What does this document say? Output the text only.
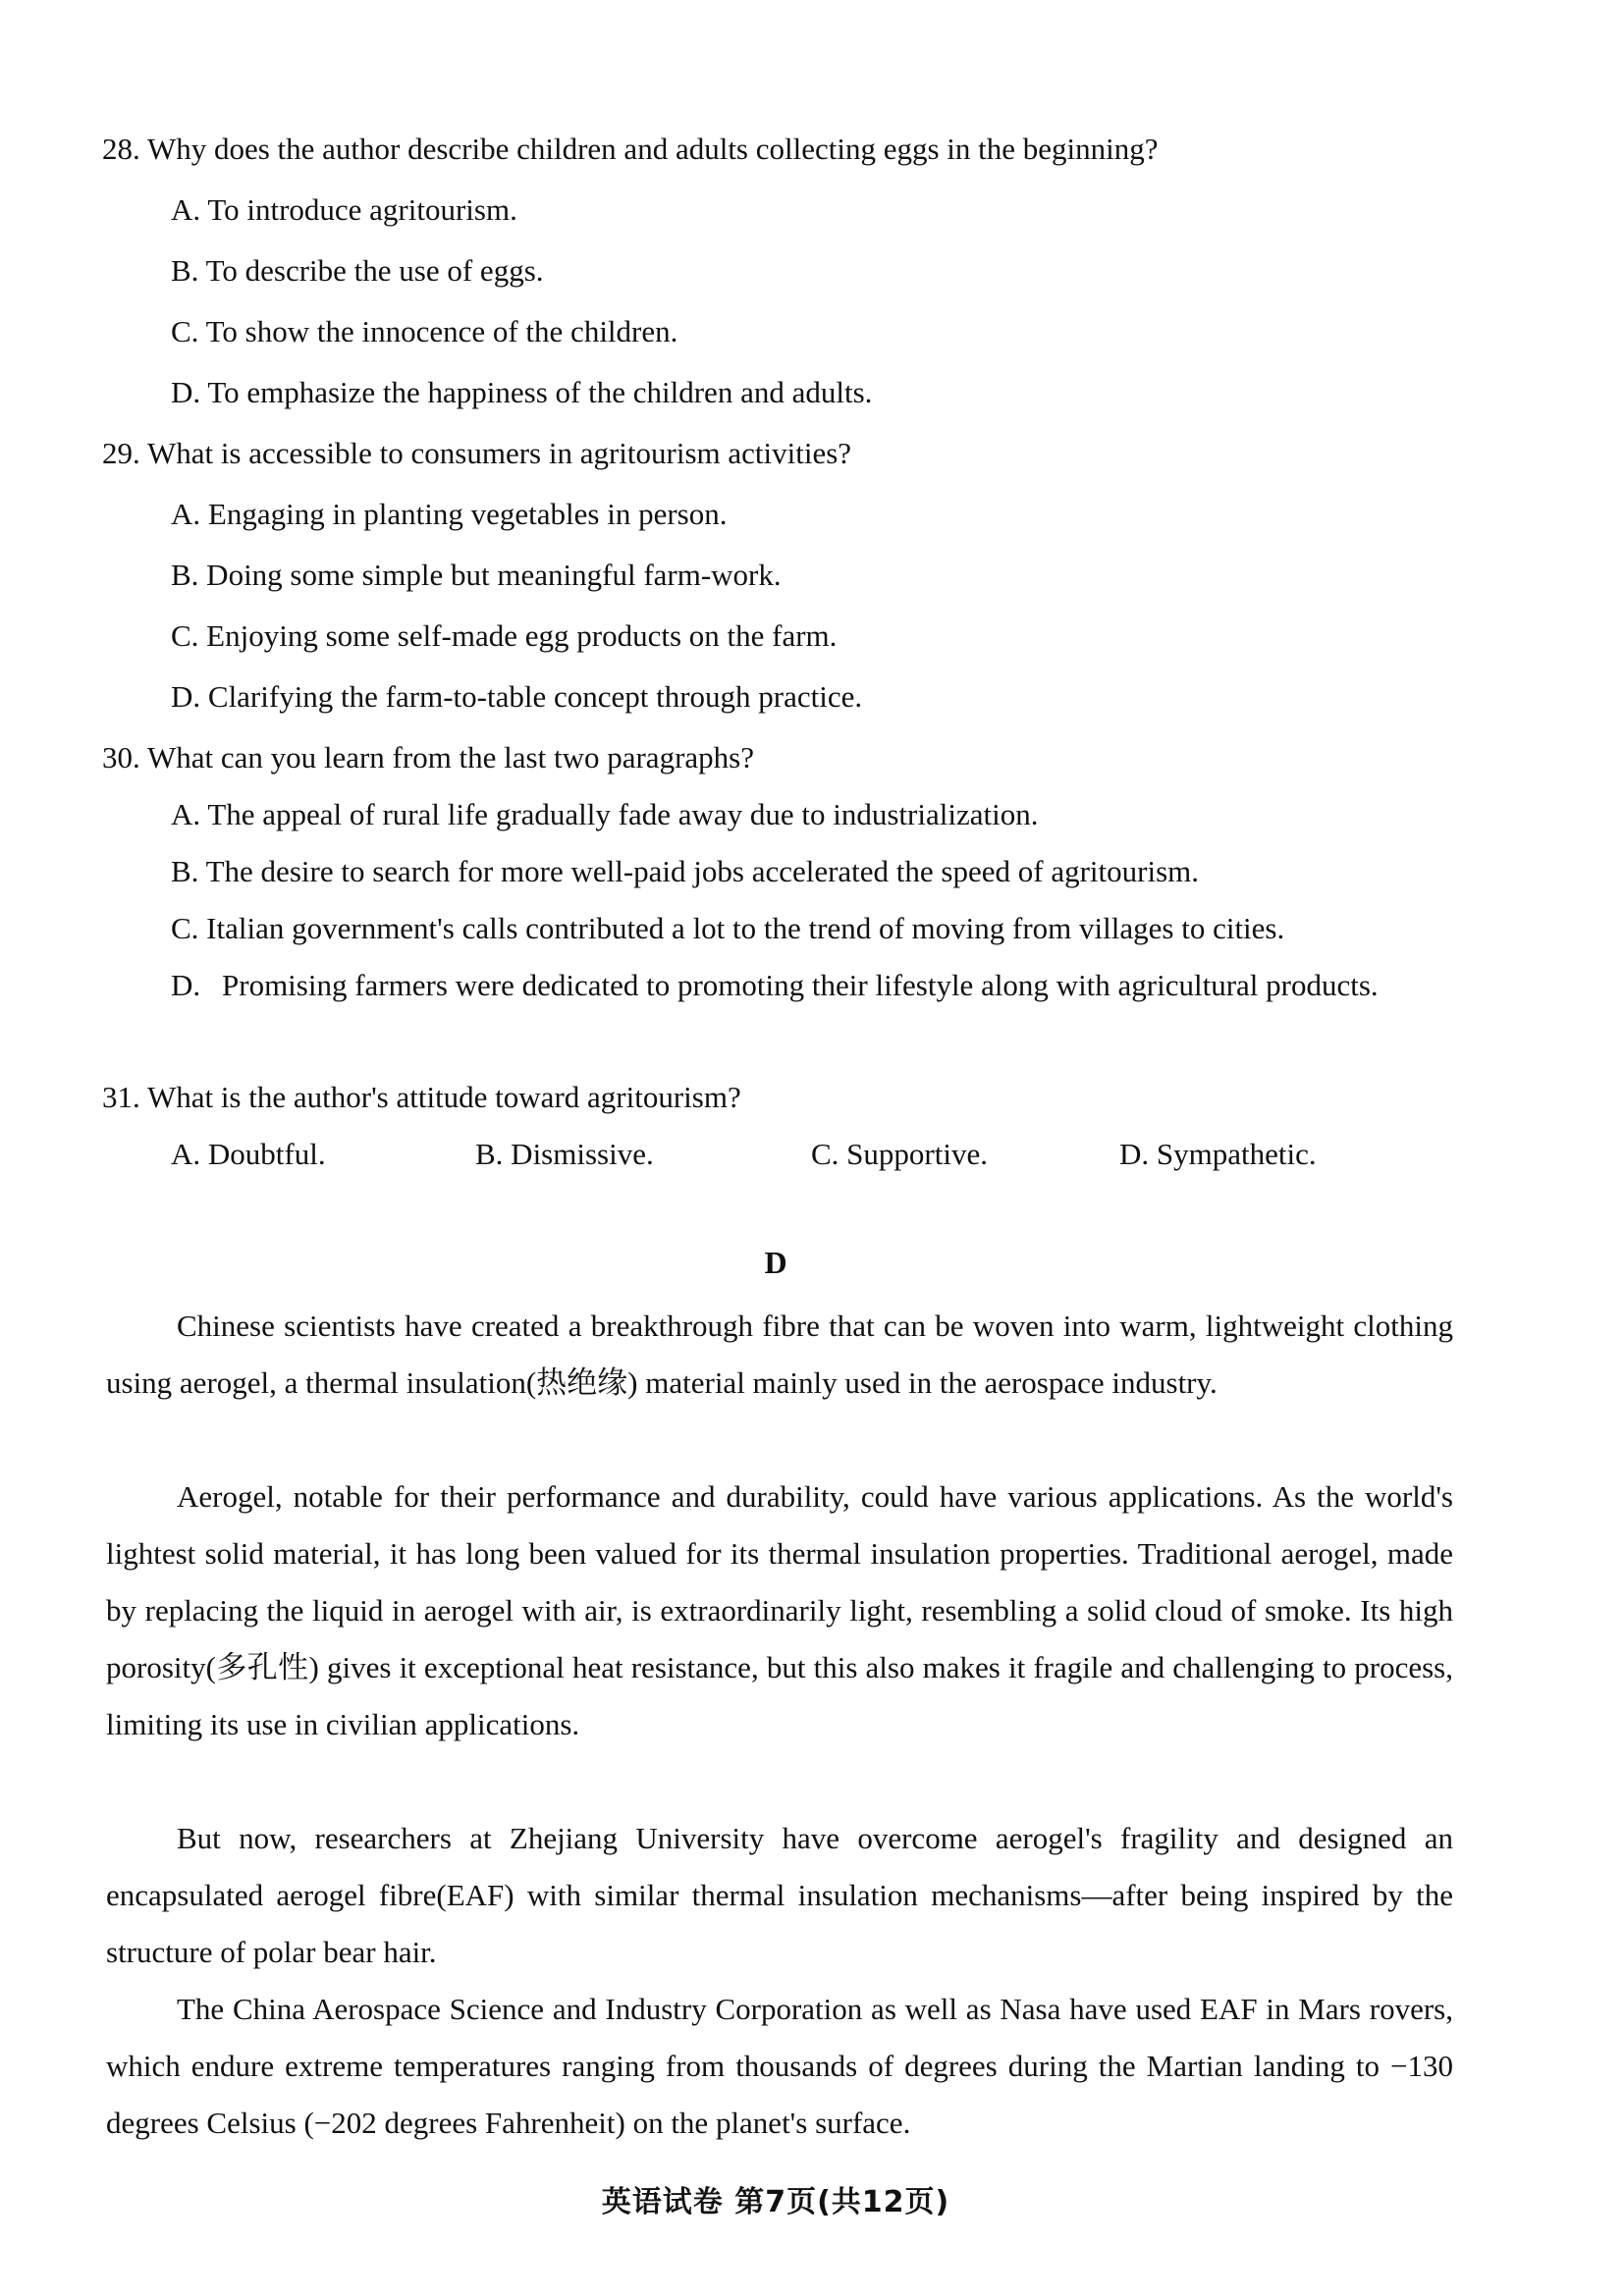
28. Why does the author describe children and adults collecting eggs in the beginning?
A. To introduce agritourism.
B. To describe the use of eggs.
C. To show the innocence of the children.
D. To emphasize the happiness of the children and adults.
29. What is accessible to consumers in agritourism activities?
A. Engaging in planting vegetables in person.
B. Doing some simple but meaningful farm-work.
C. Enjoying some self-made egg products on the farm.
D. Clarifying the farm-to-table concept through practice.
30. What can you learn from the last two paragraphs?
A. The appeal of rural life gradually fade away due to industrialization.
B. The desire to search for more well-paid jobs accelerated the speed of agritourism.
C. Italian government's calls contributed a lot to the trend of moving from villages to cities.
D. Promising farmers were dedicated to promoting their lifestyle along with agricultural products.
31. What is the author's attitude toward agritourism?
A. Doubtful.	B. Dismissive.	C. Supportive.	D. Sympathetic.
D
Chinese scientists have created a breakthrough fibre that can be woven into warm, lightweight clothing using aerogel, a thermal insulation(热绝缘) material mainly used in the aerospace industry.
Aerogel, notable for their performance and durability, could have various applications. As the world's lightest solid material, it has long been valued for its thermal insulation properties. Traditional aerogel, made by replacing the liquid in aerogel with air, is extraordinarily light, resembling a solid cloud of smoke. Its high porosity(多孔性) gives it exceptional heat resistance, but this also makes it fragile and challenging to process, limiting its use in civilian applications.
But now, researchers at Zhejiang University have overcome aerogel's fragility and designed an encapsulated aerogel fibre(EAF) with similar thermal insulation mechanisms—after being inspired by the structure of polar bear hair.
The China Aerospace Science and Industry Corporation as well as Nasa have used EAF in Mars rovers, which endure extreme temperatures ranging from thousands of degrees during the Martian landing to −130 degrees Celsius (−202 degrees Fahrenheit) on the planet's surface.
英语试卷 第7页(共12页)
